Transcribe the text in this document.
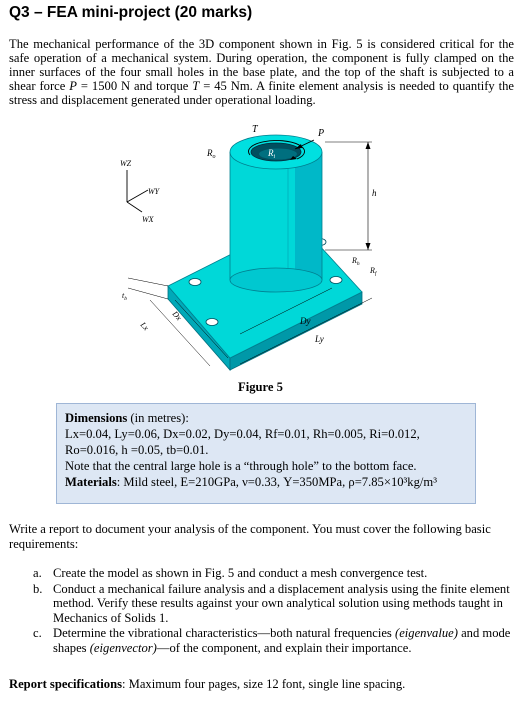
Q3 – FEA mini-project (20 marks)
The mechanical performance of the 3D component shown in Fig. 5 is considered critical for the safe operation of a mechanical system. During operation, the component is fully clamped on the inner surfaces of the four small holes in the base plate, and the top of the shaft is subjected to a shear force P = 1500 N and torque T = 45 Nm. A finite element analysis is needed to quantify the stress and displacement generated under operational loading.
T	P
$R_o$	$R_i$
h
WZ
WY
WX
$t_b$
Lx
Dx	Dy
Ly
$R_h$
$R_f$
Figure 5
Dimensions (in metres):
Lx=0.04, Ly=0.06, Dx=0.02, Dy=0.04, Rf=0.01, Rh=0.005, Ri=0.012,
Ro=0.016, h =0.05, tb=0.01.
Note that the central large hole is a “through hole” to the bottom face.
Materials: Mild steel, E=210GPa, ν=0.33, Y=350MPa, ρ=7.85×10³kg/m³
Write a report to document your analysis of the component. You must cover the following basic requirements:
a. Create the model as shown in Fig. 5 and conduct a mesh convergence test.
b. Conduct a mechanical failure analysis and a displacement analysis using the finite element method. Verify these results against your own analytical solution using methods taught in Mechanics of Solids 1.
c. Determine the vibrational characteristics—both natural frequencies (eigenvalue) and mode shapes (eigenvector)—of the component, and explain their importance.
Report specifications: Maximum four pages, size 12 font, single line spacing.
